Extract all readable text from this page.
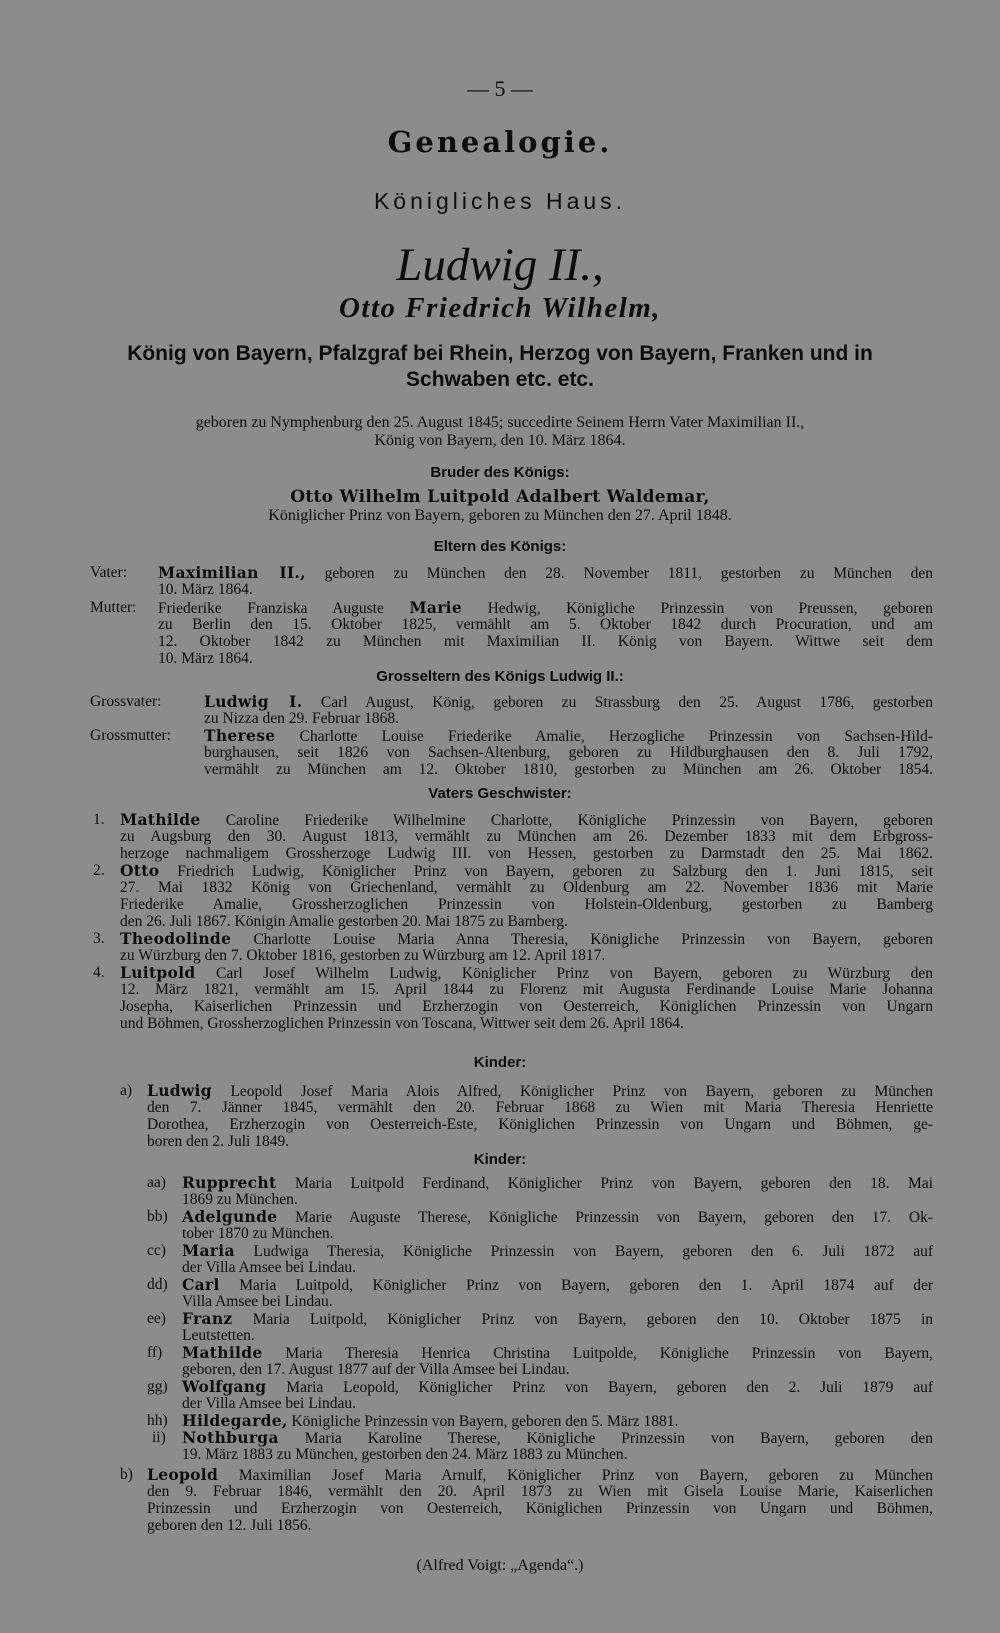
— 5 —
Genealogie.
Königliches Haus.
Ludwig II.,
Otto Friedrich Wilhelm,
König von Bayern, Pfalzgraf bei Rhein, Herzog von Bayern, Franken und in
Schwaben etc. etc.
geboren zu Nymphenburg den 25. August 1845; succedirte Seinem Herrn Vater Maximilian II.,
König von Bayern, den 10. März 1864.
Bruder des Königs:
Otto Wilhelm Luitpold Adalbert Waldemar,
Königlicher Prinz von Bayern, geboren zu München den 27. April 1848.
Eltern des Königs:
Vater: Maximilian II., geboren zu München den 28. November 1811, gestorben zu München den
10. März 1864.
Mutter: Friederike Franziska Auguste Marie Hedwig, Königliche Prinzessin von Preussen, geboren
zu Berlin den 15. Oktober 1825, vermählt am 5. Oktober 1842 durch Procuration, und am
12. Oktober 1842 zu München mit Maximilian II. König von Bayern. Wittwe seit dem
10. März 1864.
Grosseltern des Königs Ludwig II.:
Grossvater:	Ludwig I. Carl August, König, geboren zu Strassburg den 25. August 1786, gestorben
zu Nizza den 29. Februar 1868.
Grossmutter: Therese Charlotte Louise Friederike Amalie, Herzogliche Prinzessin von Sachsen-Hild-
burghausen, seit 1826 von Sachsen-Altenburg, geboren zu Hildburghausen den 8. Juli 1792,
vermählt zu München am 12. Oktober 1810, gestorben zu München am 26. Oktober 1854.
Vaters Geschwister:
1. Mathilde Caroline Friederike Wilhelmine Charlotte, Königliche Prinzessin von Bayern, geboren
zu Augsburg den 30. August 1813, vermählt zu München am 26. Dezember 1833 mit dem Erbgross-
herzoge nachmaligem Grossherzoge Ludwig III. von Hessen, gestorben zu Darmstadt den 25. Mai 1862.
2. Otto Friedrich Ludwig, Königlicher Prinz von Bayern, geboren zu Salzburg den 1. Juni 1815, seit
27. Mai 1832 König von Griechenland, vermählt zu Oldenburg am 22. November 1836 mit Marie
Friederike Amalie, Grossherzoglichen Prinzessin von Holstein-Oldenburg, gestorben zu Bamberg
den 26. Juli 1867. Königin Amalie gestorben 20. Mai 1875 zu Bamberg.
3. Theodolinde Charlotte Louise Maria Anna Theresia, Königliche Prinzessin von Bayern, geboren
zu Würzburg den 7. Oktober 1816, gestorben zu Würzburg am 12. April 1817.
4. Luitpold Carl Josef Wilhelm Ludwig, Königlicher Prinz von Bayern, geboren zu Würzburg den
12. März 1821, vermählt am 15. April 1844 zu Florenz mit Augusta Ferdinande Louise Marie Johanna
Josepha, Kaiserlichen Prinzessin und Erzherzogin von Oesterreich, Königlichen Prinzessin von Ungarn
und Böhmen, Grossherzoglichen Prinzessin von Toscana, Wittwer seit dem 26. April 1864.
Kinder:
a) Ludwig Leopold Josef Maria Alois Alfred, Königlicher Prinz von Bayern, geboren zu München
den 7. Jänner 1845, vermählt den 20. Februar 1868 zu Wien mit Maria Theresia Henriette
Dorothea, Erzherzogin von Oesterreich-Este, Königlichen Prinzessin von Ungarn und Böhmen, ge-
boren den 2. Juli 1849.
Kinder:
aa) Rupprecht Maria Luitpold Ferdinand, Königlicher Prinz von Bayern, geboren den 18. Mai
1869 zu München.
bb) Adelgunde Marie Auguste Therese, Königliche Prinzessin von Bayern, geboren den 17. Ok-
tober 1870 zu München.
cc) Maria Ludwiga Theresia, Königliche Prinzessin von Bayern, geboren den 6. Juli 1872 auf
der Villa Amsee bei Lindau.
dd) Carl Maria Luitpold, Königlicher Prinz von Bayern, geboren den 1. April 1874 auf der
Villa Amsee bei Lindau.
ee) Franz Maria Luitpold, Königlicher Prinz von Bayern, geboren den 10. Oktober 1875 in
Leutstetten.
ff) Mathilde Maria Theresia Henrica Christina Luitpolde, Königliche Prinzessin von Bayern,
geboren, den 17. August 1877 auf der Villa Amsee bei Lindau.
gg) Wolfgang Maria Leopold, Königlicher Prinz von Bayern, geboren den 2. Juli 1879 auf
der Villa Amsee bei Lindau.
hh) Hildegarde, Königliche Prinzessin von Bayern, geboren den 5. März 1881.
ii) Nothburga Maria Karoline Therese, Königliche Prinzessin von Bayern, geboren den
19. März 1883 zu München, gestorben den 24. März 1883 zu München.
b) Leopold Maximilian Josef Maria Arnulf, Königlicher Prinz von Bayern, geboren zu München
den 9. Februar 1846, vermählt den 20. April 1873 zu Wien mit Gisela Louise Marie, Kaiserlichen
Prinzessin und Erzherzogin von Oesterreich, Königlichen Prinzessin von Ungarn und Böhmen,
geboren den 12. Juli 1856.
(Alfred Voigt: „Agenda“.)
